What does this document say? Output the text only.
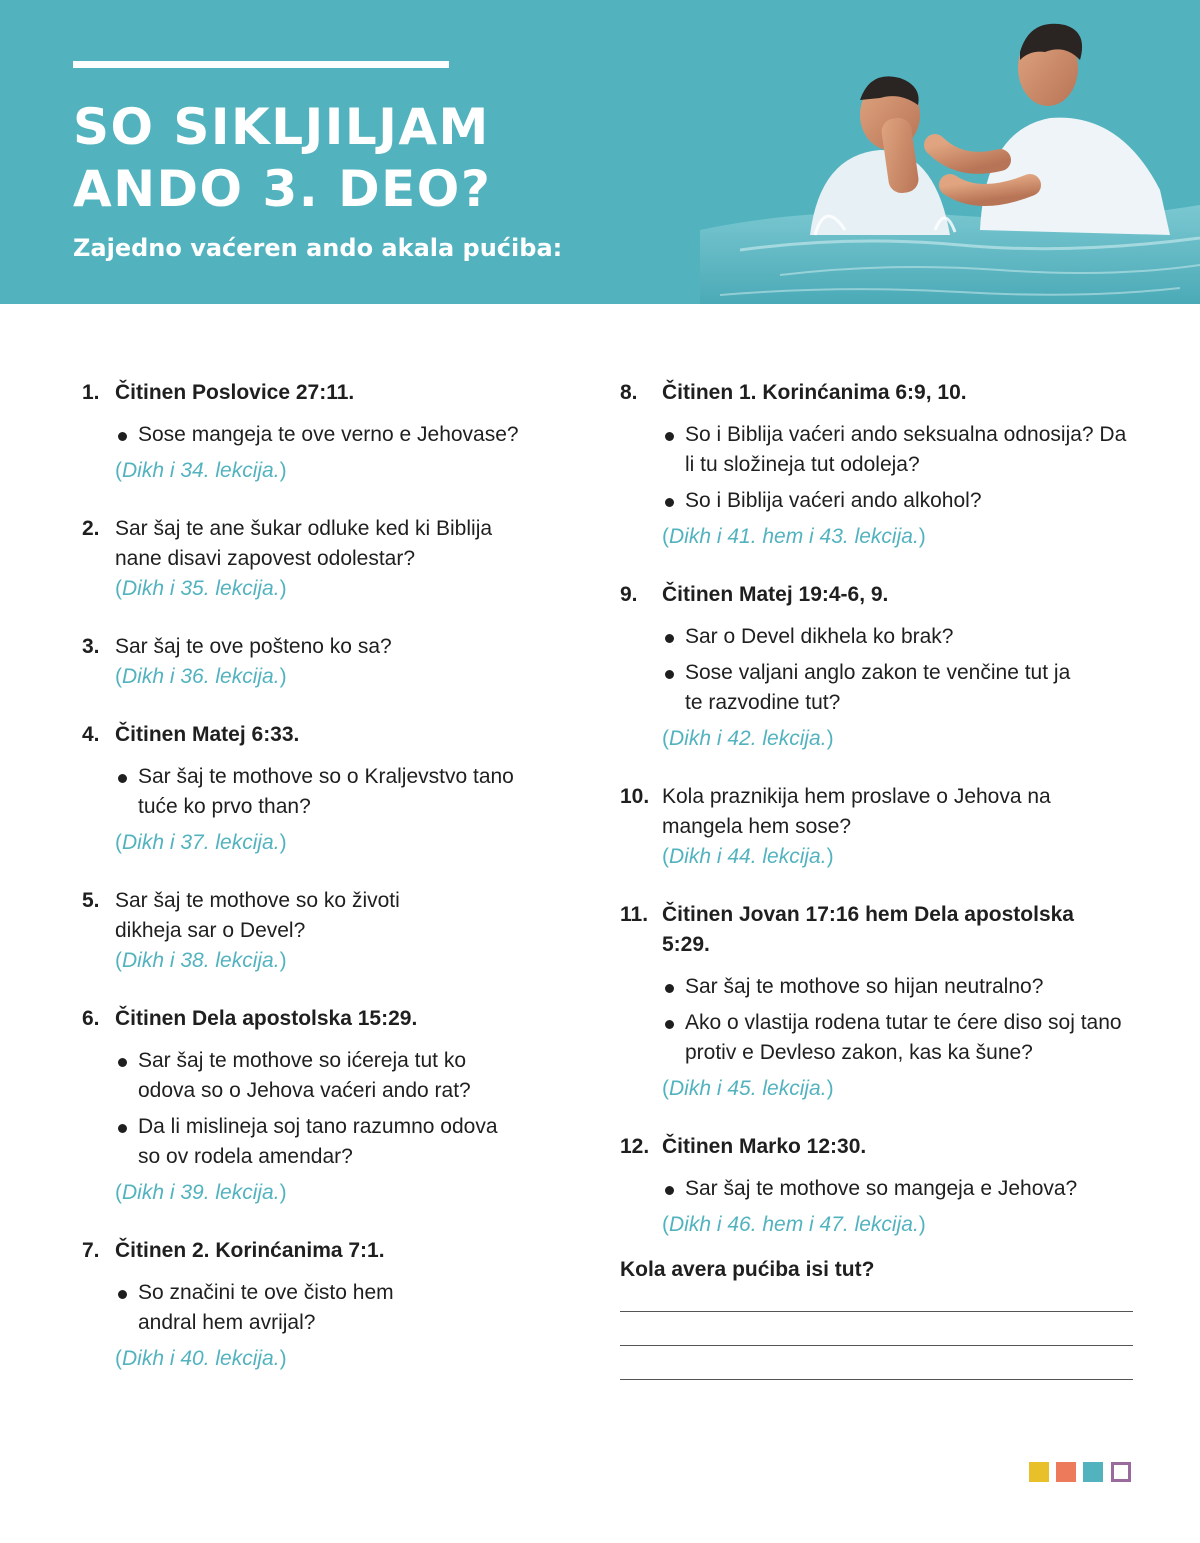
SO SIKLJILJAM
ANDO 3. DEO?

Zajedno vaćeren ando akala pućiba:

1. Čitinen Poslovice 27:11.
Sose mangeja te ove verno e Jehovase?
(Dikh i 34. lekcija.)
2. Sar šaj te ane šukar odluke ked ki Biblija nane disavi zapovest odolestar?
(Dikh i 35. lekcija.)
3. Sar šaj te ove pošteno ko sa?
(Dikh i 36. lekcija.)
4. Čitinen Matej 6:33.
Sar šaj te mothove so o Kraljevstvo tano tuće ko prvo than?
(Dikh i 37. lekcija.)
5. Sar šaj te mothove so ko životi dikheja sar o Devel?
(Dikh i 38. lekcija.)
6. Čitinen Dela apostolska 15:29.
Sar šaj te mothove so ićereja tut ko odova so o Jehova vaćeri ando rat?
Da li mislineja soj tano razumno odova so ov rodela amendar?
(Dikh i 39. lekcija.)
7. Čitinen 2. Korinćanima 7:1.
So značini te ove čisto hem andral hem avrijal?
(Dikh i 40. lekcija.)
8.	Čitinen 1. Korinćanima 6:9, 10.
So i Biblija vaćeri ando seksualna odnosija? Da li tu složineja tut odoleja?
So i Biblija vaćeri ando alkohol?
(Dikh i 41. hem i 43. lekcija.)
9.	Čitinen Matej 19:4-6, 9.
Sar o Devel dikhela ko brak?
Sose valjani anglo zakon te venčine tut ja te razvodine tut?
(Dikh i 42. lekcija.)
10. Kola praznikija hem proslave o Jehova na mangela hem sose?
(Dikh i 44. lekcija.)
11. Čitinen Jovan 17:16 hem Dela apostolska 5:29.
Sar šaj te mothove so hijan neutralno?
Ako o vlastija rodena tutar te ćere diso soj tano protiv e Devleso zakon, kas ka šune?
(Dikh i 45. lekcija.)
12. Čitinen Marko 12:30.
Sar šaj te mothove so mangeja e Jehova?
(Dikh i 46. hem i 47. lekcija.)

Kola avera pućiba isi tut?
